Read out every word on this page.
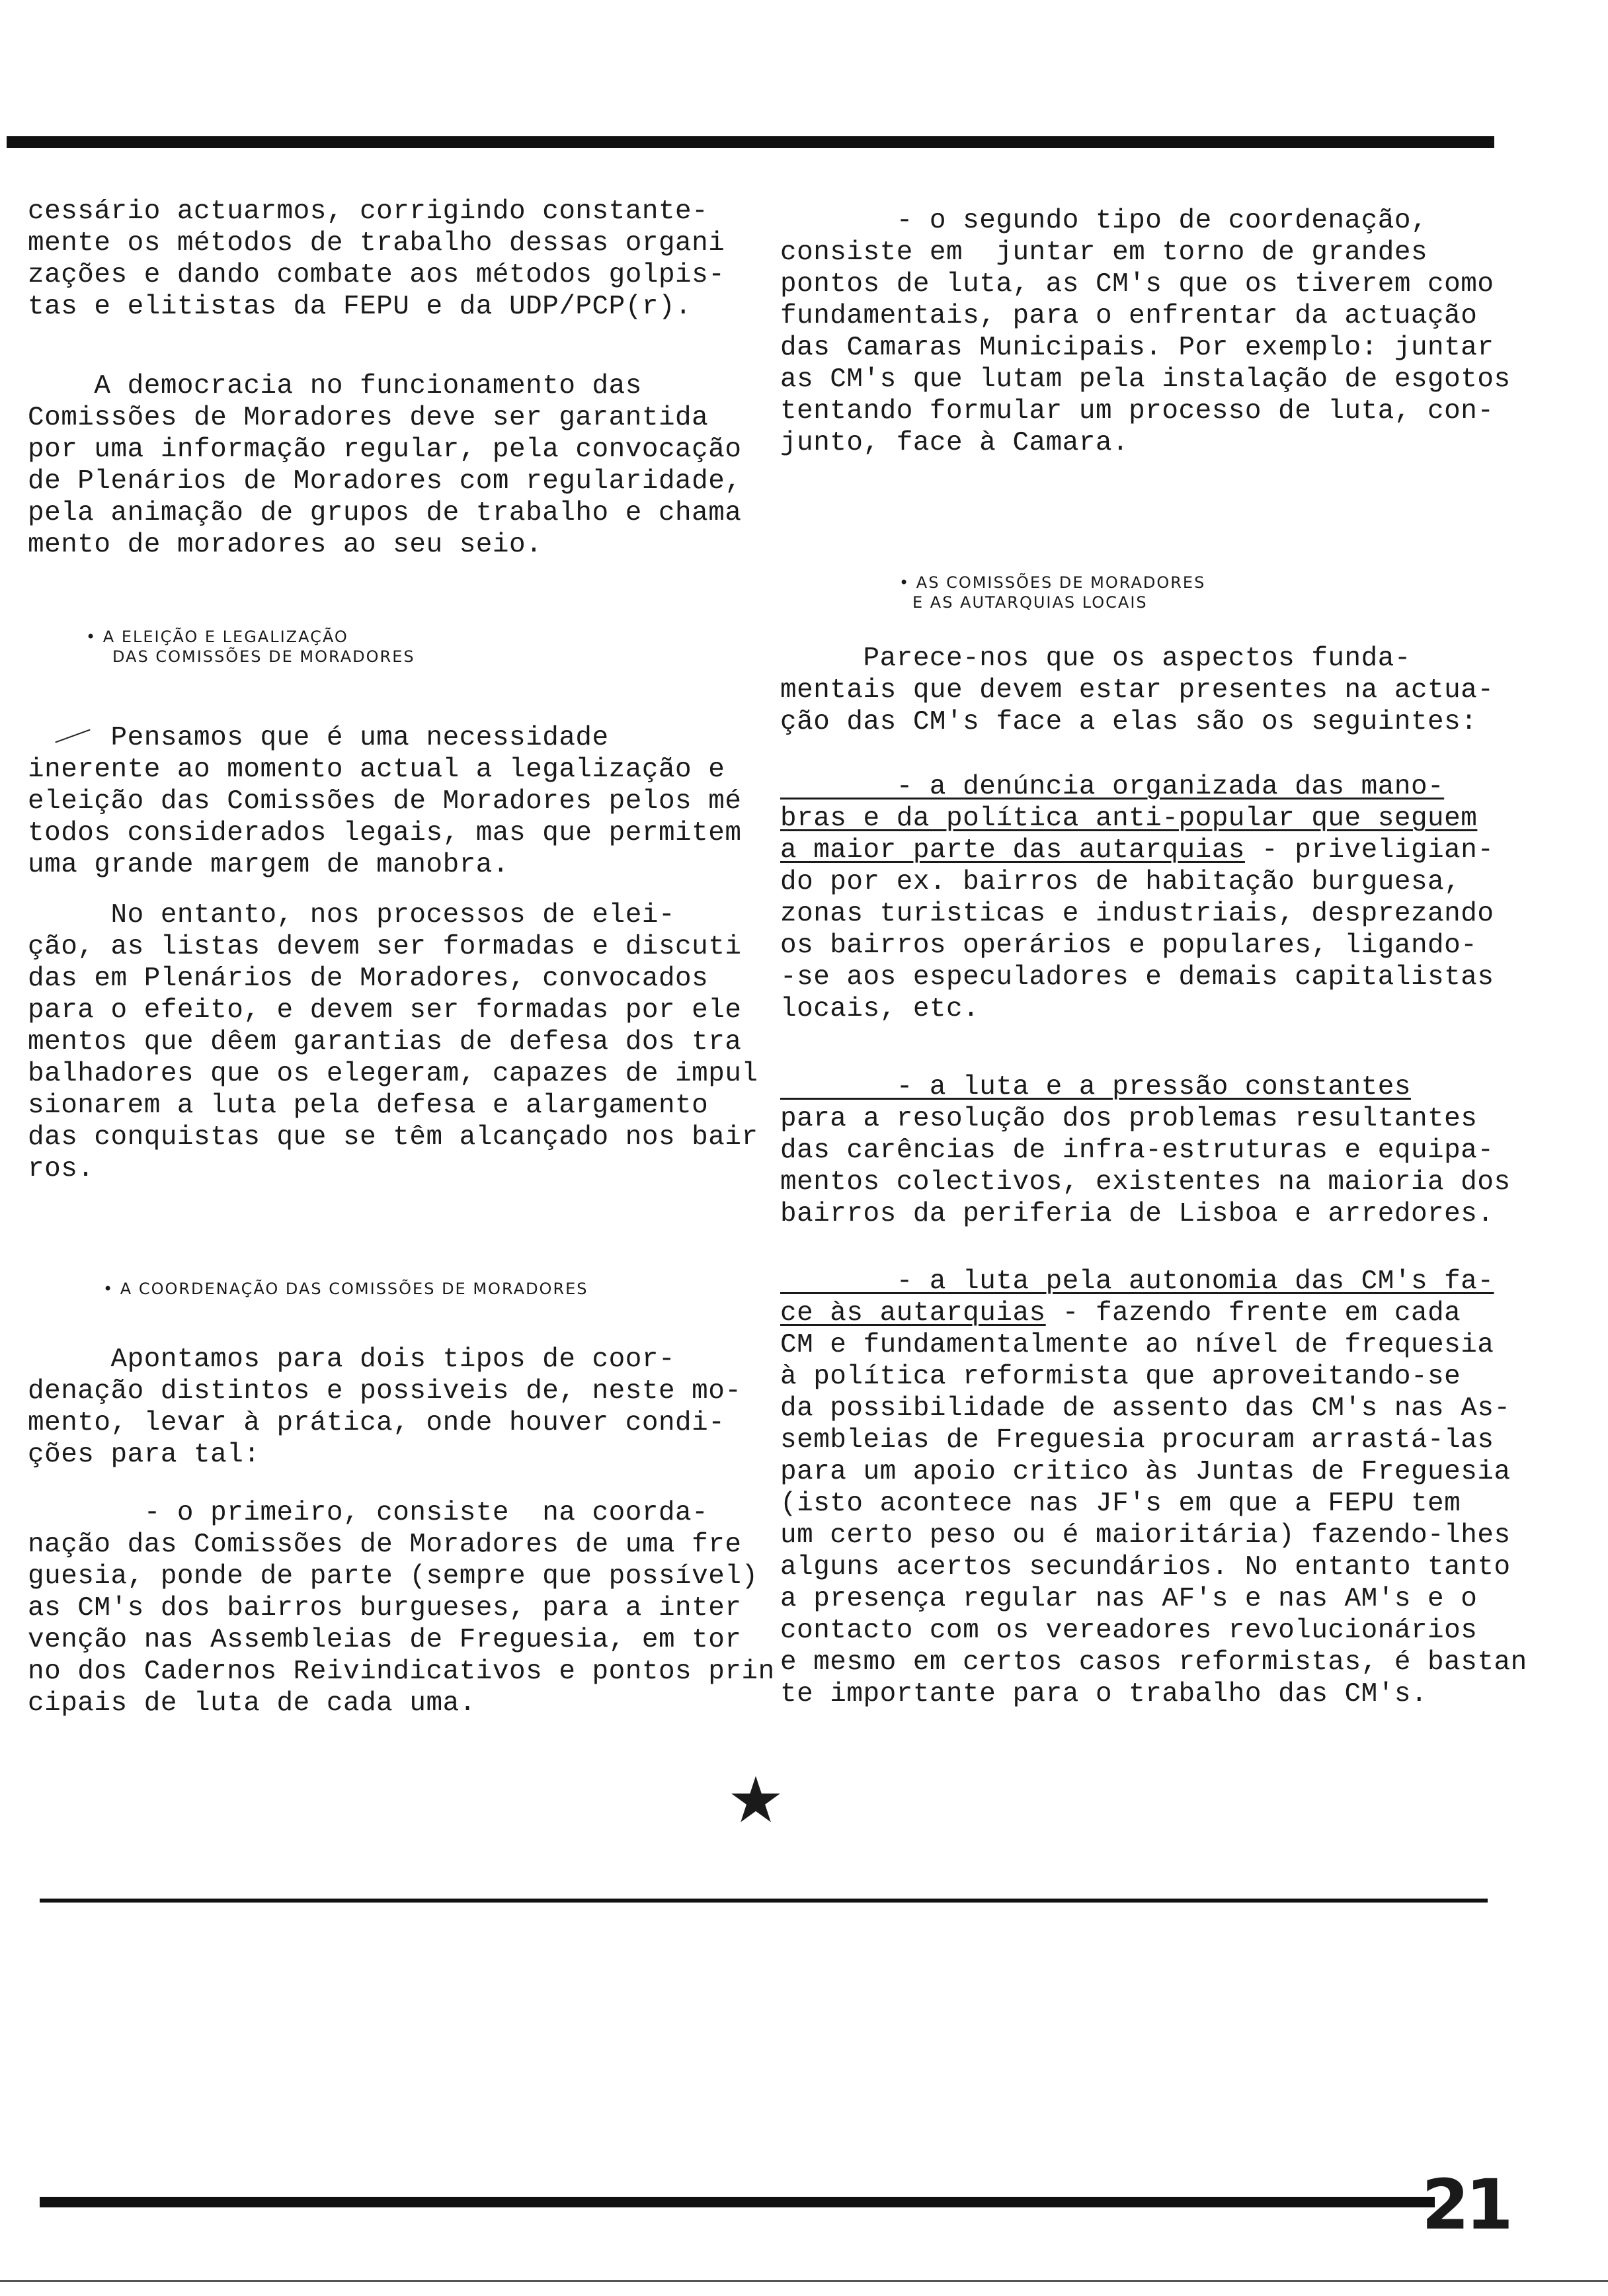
cessário actuarmos, corrigindo constante-

mente os métodos de trabalho dessas organi

zações e dando combate aos métodos golpis-

tas e elitistas da FEPU e da UDP/PCP(r).

A democracia no funcionamento das

Comissões de Moradores deve ser garantida

por uma informação regular, pela convocação

de Plenários de Moradores com regularidade,

pela animação de grupos de trabalho e chama

mento de moradores ao seu seio.

• A ELEIÇÃO E LEGALIZAÇÃO
DAS COMISSÕES DE MORADORES

Pensamos que é uma necessidade

inerente ao momento actual a legalização e

eleição das Comissões de Moradores pelos mé

todos considerados legais, mas que permitem

uma grande margem de manobra.

No entanto, nos processos de elei-

ção, as listas devem ser formadas e discuti

das em Plenários de Moradores, convocados

para o efeito, e devem ser formadas por ele

mentos que dêem garantias de defesa dos tra

balhadores que os elegeram, capazes de impul

sionarem a luta pela defesa e alargamento

das conquistas que se têm alcançado nos bair

ros.

• A COORDENAÇÃO DAS COMISSÕES DE MORADORES

Apontamos para dois tipos de coor-

denação distintos e possiveis de, neste mo-

mento, levar à prática, onde houver condi-

ções para tal:

- o primeiro, consiste  na coorda-

nação das Comissões de Moradores de uma fre

guesia, ponde de parte (sempre que possível)

as CM's dos bairros burgueses, para a inter

venção nas Assembleias de Freguesia, em tor

no dos Cadernos Reivindicativos e pontos prin

cipais de luta de cada uma.

- o segundo tipo de coordenação,

consiste em  juntar em torno de grandes

pontos de luta, as CM's que os tiverem como

fundamentais, para o enfrentar da actuação

das Camaras Municipais. Por exemplo: juntar

as CM's que lutam pela instalação de esgotos

tentando formular um processo de luta, con-

junto, face à Camara.

• AS COMISSÕES DE MORADORES
E AS AUTARQUIAS LOCAIS

Parece-nos que os aspectos funda-

mentais que devem estar presentes na actua-

ção das CM's face a elas são os seguintes:

- a denúncia organizada das mano-

bras e da política anti-popular que seguem

a maior parte das autarquias - priveligian-

do por ex. bairros de habitação burguesa,

zonas turisticas e industriais, desprezando

os bairros operários e populares, ligando-

-se aos especuladores e demais capitalistas

locais, etc.

- a luta e a pressão constantes

para a resolução dos problemas resultantes

das carências de infra-estruturas e equipa-

mentos colectivos, existentes na maioria dos

bairros da periferia de Lisboa e arredores.

- a luta pela autonomia das CM's fa-

ce às autarquias - fazendo frente em cada

CM e fundamentalmente ao nível de frequesia

à política reformista que aproveitando-se

da possibilidade de assento das CM's nas As-

sembleias de Freguesia procuram arrastá-las

para um apoio critico às Juntas de Freguesia

(isto acontece nas JF's em que a FEPU tem

um certo peso ou é maioritária) fazendo-lhes

alguns acertos secundários. No entanto tanto

a presença regular nas AF's e nas AM's e o

contacto com os vereadores revolucionários

e mesmo em certos casos reformistas, é bastan

te importante para o trabalho das CM's.

★
21
